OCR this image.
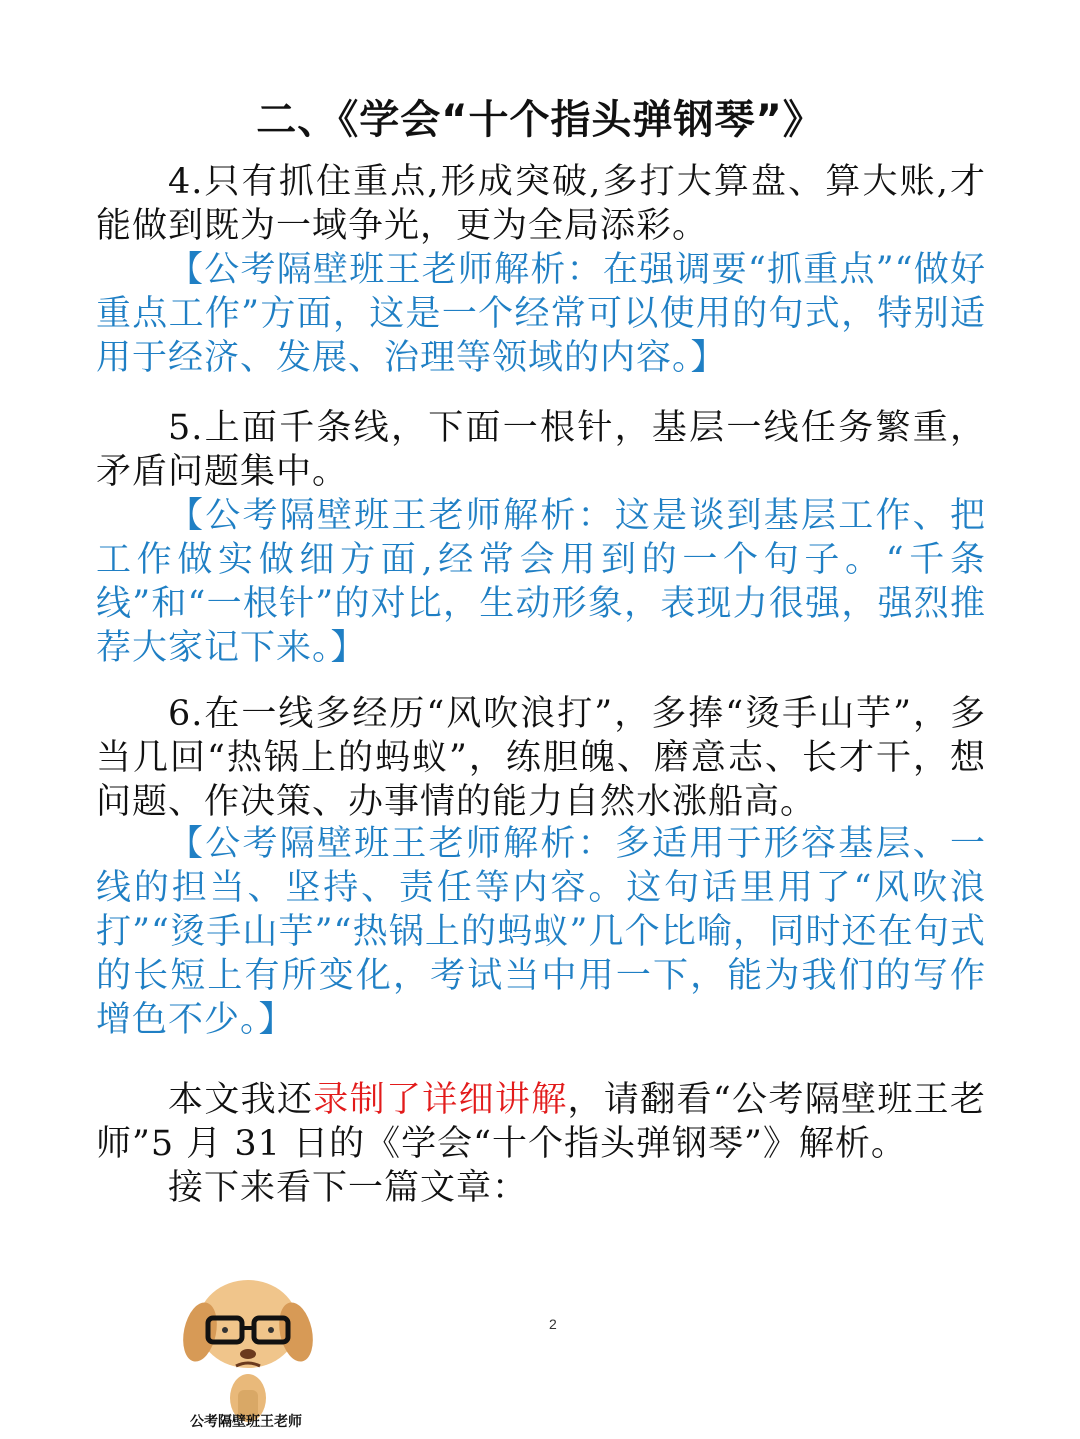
二、《学会“十个指头弹钢琴”》
4.只有抓住重点,形成突破,多打大算盘、算大账,才能做到既为一域争光，更为全局添彩。
【公考隔壁班王老师解析：在强调要“抓重点”“做好重点工作”方面，这是一个经常可以使用的句式，特别适用于经济、发展、治理等领域的内容。】
5.上面千条线，下面一根针，基层一线任务繁重，矛盾问题集中。
【公考隔壁班王老师解析：这是谈到基层工作、把工作做实做细方面,经常会用到的一个句子。“千条线”和“一根针”的对比，生动形象，表现力很强，强烈推荐大家记下来。】
6.在一线多经历“风吹浪打”，多捧“烫手山芋”，多当几回“热锅上的蚂蚁”，练胆魄、磨意志、长才干，想问题、作决策、办事情的能力自然水涨船高。
【公考隔壁班王老师解析：多适用于形容基层、一线的担当、坚持、责任等内容。这句话里用了“风吹浪打”“烫手山芋”“热锅上的蚂蚁”几个比喻，同时还在句式的长短上有所变化，考试当中用一下，能为我们的写作增色不少。】
本文我还录制了详细讲解，请翻看“公考隔壁班王老师”5 月 31 日的《学会“十个指头弹钢琴”》解析。
接下来看下一篇文章：
2
公考隔壁班王老师
